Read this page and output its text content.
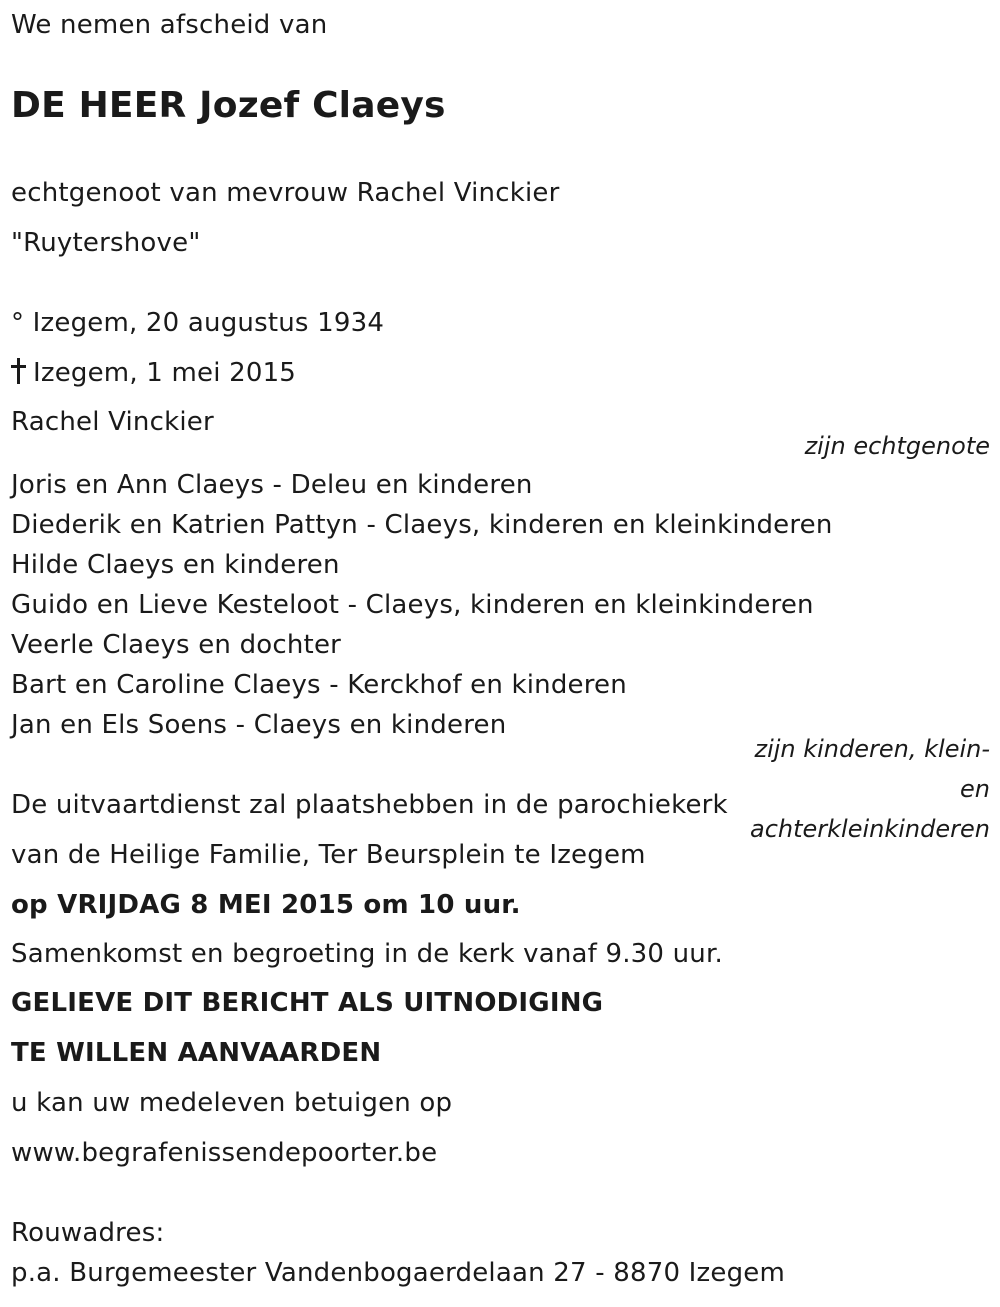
We nemen afscheid van
DE HEER Jozef Claeys
echtgenoot van mevrouw Rachel Vinckier
"Ruytershove"
° Izegem, 20 augustus 1934
Izegem, 1 mei 2015
Rachel Vinckier
zijn echtgenote
Joris en Ann Claeys - Deleu en kinderen
Diederik en Katrien Pattyn - Claeys, kinderen en kleinkinderen
Hilde Claeys en kinderen
Guido en Lieve Kesteloot - Claeys, kinderen en kleinkinderen
Veerle Claeys en dochter
Bart en Caroline Claeys - Kerckhof en kinderen
Jan en Els Soens - Claeys en kinderen
zijn kinderen, klein-
en
achterkleinkinderen
De uitvaartdienst zal plaatshebben in de parochiekerk
van de Heilige Familie, Ter Beursplein te Izegem
op VRIJDAG 8 MEI 2015 om 10 uur.
Samenkomst en begroeting in de kerk vanaf 9.30 uur.
GELIEVE DIT BERICHT ALS UITNODIGING
TE WILLEN AANVAARDEN
u kan uw medeleven betuigen op
www.begrafenissendepoorter.be
Rouwadres:
p.a. Burgemeester Vandenbogaerdelaan 27 - 8870 Izegem
